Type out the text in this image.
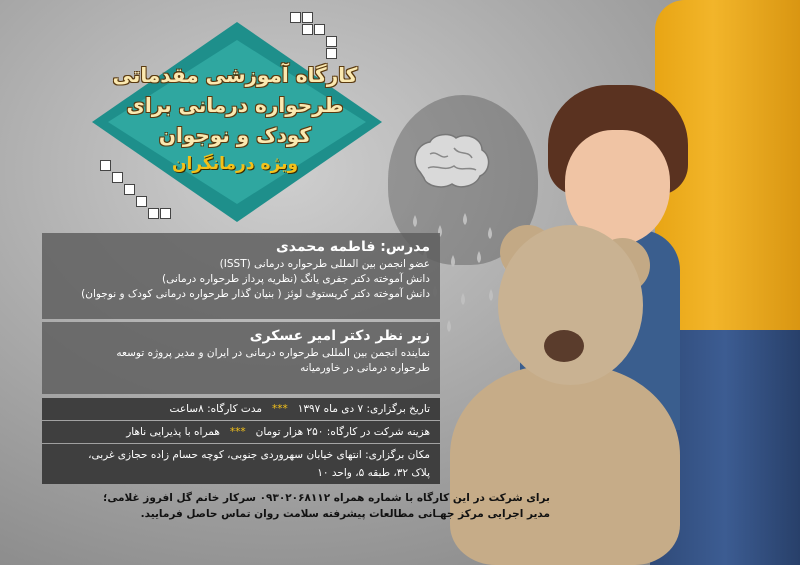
کارگاه آموزشی مقدماتی
طرحواره درمانی برای
کودک و نوجوان
ویژه درمانگران
مدرس: فاطمه محمدی
عضو انجمن بین المللی طرحواره درمانی (ISST)
دانش آموخته دکتر جفری یانگ (نظریه پرداز طرحواره درمانی)
دانش آموخته دکتر کریستوف لوئز ( بنیان گذار طرحواره درمانی کودک و نوجوان)
زیر نظر دکتر امیر عسکری
نماینده انجمن بین المللی طرحواره درمانی در ایران و مدیر پروژه توسعه
طرحواره درمانی در خاورمیانه
تاریخ برگزاری: ۷ دی ماه ۱۳۹۷   ***   مدت کارگاه: ۸ساعت
هزینه شرکت در کارگاه: ۲۵۰ هزار تومان   ***   همراه با پذیرایی ناهار
مکان برگزاری: انتهای خیابان سهروردی جنوبی، کوچه حسام زاده حجازی غربی،
پلاک ۳۲، طبقه ۵، واحد ۱۰
برای شرکت در این کارگاه با شماره همراه ۰۹۳۰۲۰۶۸۱۱۲ سرکار خانم گل افروز غلامی؛
مدیر اجرایی مرکز جهـانی مطالعات پیشرفته سلامت روان تماس حاصل فرمایید.
